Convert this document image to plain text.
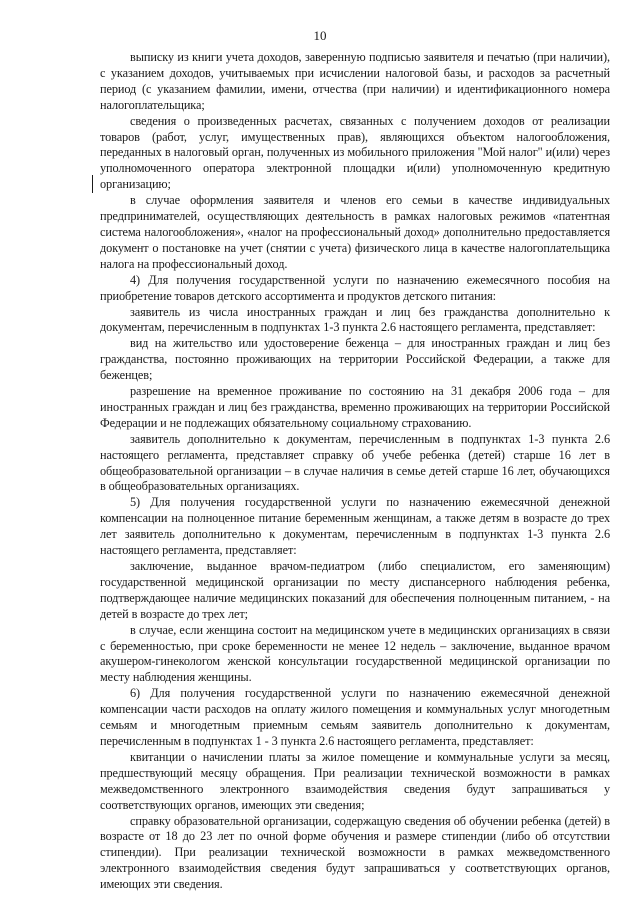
10

выписку из книги учета доходов, заверенную подписью заявителя и печатью (при наличии), с указанием доходов, учитываемых при исчислении налоговой базы, и расходов за расчетный период (с указанием фамилии, имени, отчества (при наличии) и идентификационного номера налогоплательщика;

сведения о произведенных расчетах, связанных с получением доходов от реализации товаров (работ, услуг, имущественных прав), являющихся объектом налогообложения, переданных в налоговый орган, полученных из мобильного приложения "Мой налог" и(или) через уполномоченного оператора электронной площадки и(или) уполномоченную кредитную организацию;

в случае оформления заявителя и членов его семьи в качестве индивидуальных предпринимателей, осуществляющих деятельность в рамках налоговых режимов «патентная система налогообложения», «налог на профессиональный доход» дополнительно предоставляется документ о постановке на учет (снятии с учета) физического лица в качестве налогоплательщика налога на профессиональный доход.

4) Для получения государственной услуги по назначению ежемесячного пособия на приобретение товаров детского ассортимента и продуктов детского питания:

заявитель из числа иностранных граждан и лиц без гражданства дополнительно к документам, перечисленным в подпунктах 1-3 пункта 2.6 настоящего регламента, представляет:

вид на жительство или удостоверение беженца – для иностранных граждан и лиц без гражданства, постоянно проживающих на территории Российской Федерации, а также для беженцев;

разрешение на временное проживание по состоянию на 31 декабря 2006 года – для иностранных граждан и лиц без гражданства, временно проживающих на территории Российской Федерации и не подлежащих обязательному социальному страхованию.

заявитель дополнительно к документам, перечисленным в подпунктах 1-3 пункта 2.6 настоящего регламента, представляет справку об учебе ребенка (детей) старше 16 лет в общеобразовательной организации – в случае наличия в семье детей старше 16 лет, обучающихся в общеобразовательных организациях.

5) Для получения государственной услуги по назначению ежемесячной денежной компенсации на полноценное питание беременным женщинам, а также детям в возрасте до трех лет заявитель дополнительно к документам, перечисленным в подпунктах 1-3 пункта 2.6 настоящего регламента, представляет:

заключение, выданное врачом-педиатром (либо специалистом, его заменяющим) государственной медицинской организации по месту диспансерного наблюдения ребенка, подтверждающее наличие медицинских показаний для обеспечения полноценным питанием, - на детей в возрасте до трех лет;

в случае, если женщина состоит на медицинском учете в медицинских организациях в связи с беременностью, при сроке беременности не менее 12 недель – заключение, выданное врачом акушером-гинекологом женской консультации государственной медицинской организации по месту наблюдения женщины.

6) Для получения государственной услуги по назначению ежемесячной денежной компенсации части расходов на оплату жилого помещения и коммунальных услуг многодетным семьям и многодетным приемным семьям заявитель дополнительно к документам, перечисленным в подпунктах 1 - 3 пункта 2.6 настоящего регламента, представляет:

квитанции о начислении платы за жилое помещение и коммунальные услуги за месяц, предшествующий месяцу обращения. При реализации технической возможности в рамках межведомственного электронного взаимодействия сведения будут запрашиваться у соответствующих органов, имеющих эти сведения;

справку образовательной организации, содержащую сведения об обучении ребенка (детей) в возрасте от 18 до 23 лет по очной форме обучения и размере стипендии (либо об отсутствии стипендии). При реализации технической возможности в рамках межведомственного электронного взаимодействия сведения будут запрашиваться у соответствующих органов, имеющих эти сведения.
